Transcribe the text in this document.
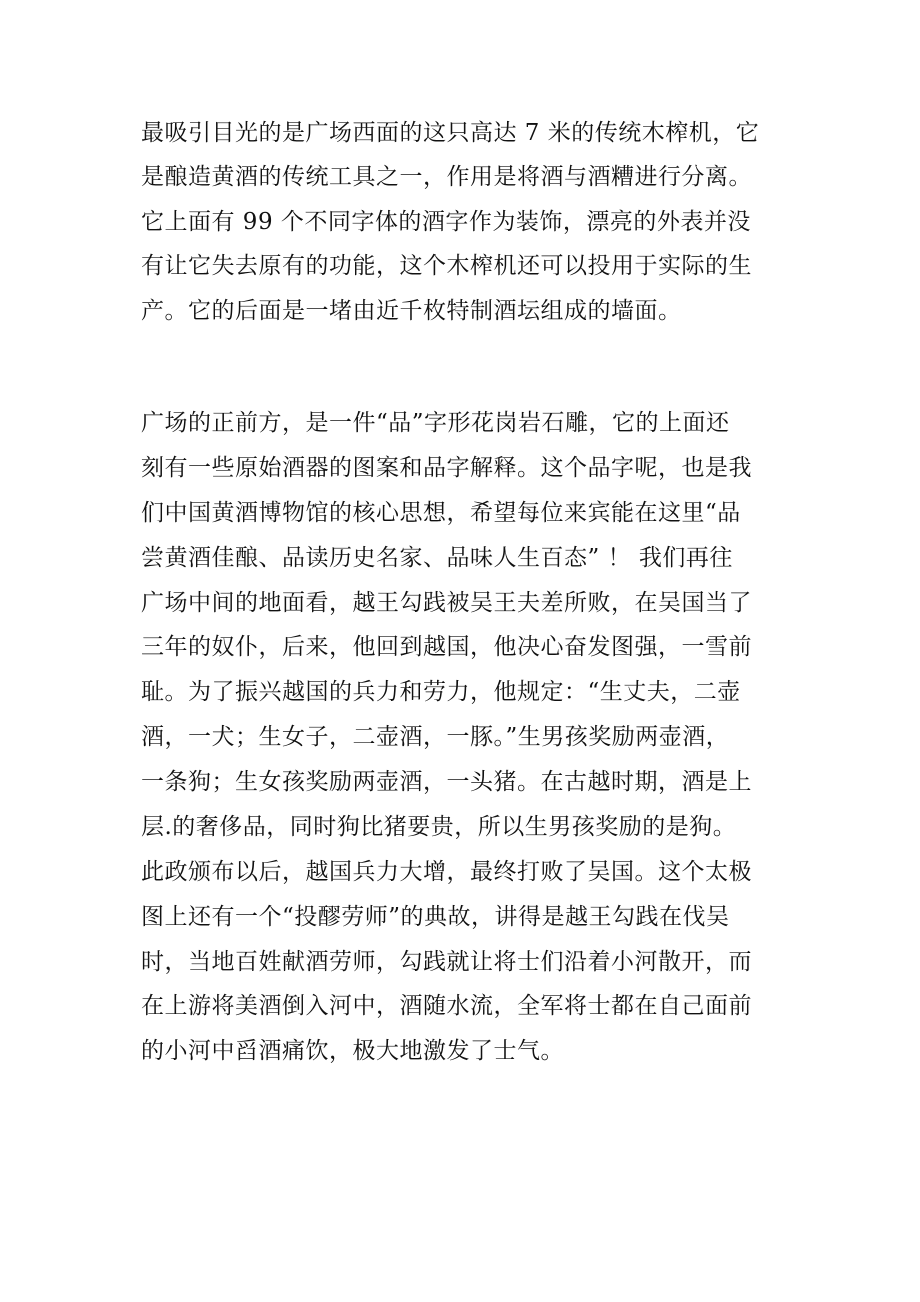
最吸引目光的是广场西面的这只高达 7 米的传统木榨机，它
是酿造黄酒的传统工具之一，作用是将酒与酒糟进行分离。
它上面有 99 个不同字体的酒字作为装饰，漂亮的外表并没
有让它失去原有的功能，这个木榨机还可以投用于实际的生
产。它的后面是一堵由近千枚特制酒坛组成的墙面。
广场的正前方，是一件“品”字形花岗岩石雕，它的上面还
刻有一些原始酒器的图案和品字解释。这个品字呢，也是我
们中国黄酒博物馆的核心思想，希望每位来宾能在这里“品
尝黄酒佳酿、品读历史名家、品味人生百态” ！ 我们再往
广场中间的地面看，越王勾践被吴王夫差所败，在吴国当了
三年的奴仆，后来，他回到越国，他决心奋发图强，一雪前
耻。为了振兴越国的兵力和劳力，他规定：“生丈夫，二壶
酒，一犬；生女子，二壶酒，一豚。”生男孩奖励两壶酒，
一条狗；生女孩奖励两壶酒，一头猪。在古越时期，酒是上
层.的奢侈品，同时狗比猪要贵，所以生男孩奖励的是狗。
此政颁布以后，越国兵力大增，最终打败了吴国。这个太极
图上还有一个“投醪劳师”的典故，讲得是越王勾践在伐吴
时，当地百姓献酒劳师，勾践就让将士们沿着小河散开，而
在上游将美酒倒入河中，酒随水流，全军将士都在自己面前
的小河中舀酒痛饮，极大地激发了士气。
